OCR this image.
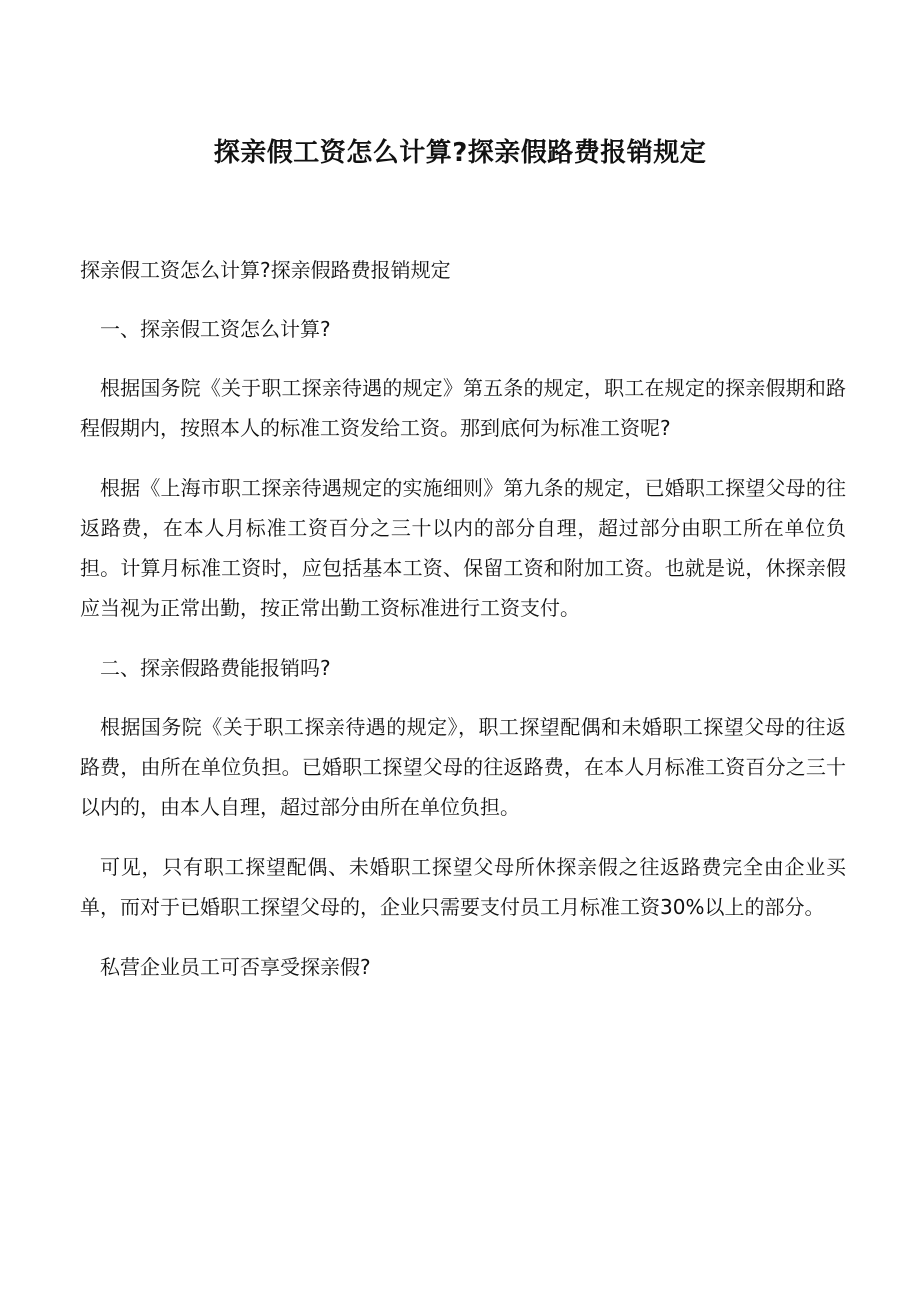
探亲假工资怎么计算?探亲假路费报销规定

探亲假工资怎么计算?探亲假路费报销规定

一、探亲假工资怎么计算?

根据国务院《关于职工探亲待遇的规定》第五条的规定，职工在规定的探亲假期和路程假期内，按照本人的标准工资发给工资。那到底何为标准工资呢?

根据《上海市职工探亲待遇规定的实施细则》第九条的规定，已婚职工探望父母的往返路费，在本人月标准工资百分之三十以内的部分自理，超过部分由职工所在单位负担。计算月标准工资时，应包括基本工资、保留工资和附加工资。也就是说，休探亲假应当视为正常出勤，按正常出勤工资标准进行工资支付。

二、探亲假路费能报销吗?

根据国务院《关于职工探亲待遇的规定》，职工探望配偶和未婚职工探望父母的往返路费，由所在单位负担。已婚职工探望父母的往返路费，在本人月标准工资百分之三十以内的，由本人自理，超过部分由所在单位负担。

可见，只有职工探望配偶、未婚职工探望父母所休探亲假之往返路费完全由企业买单，而对于已婚职工探望父母的，企业只需要支付员工月标准工资30%以上的部分。

私营企业员工可否享受探亲假?
